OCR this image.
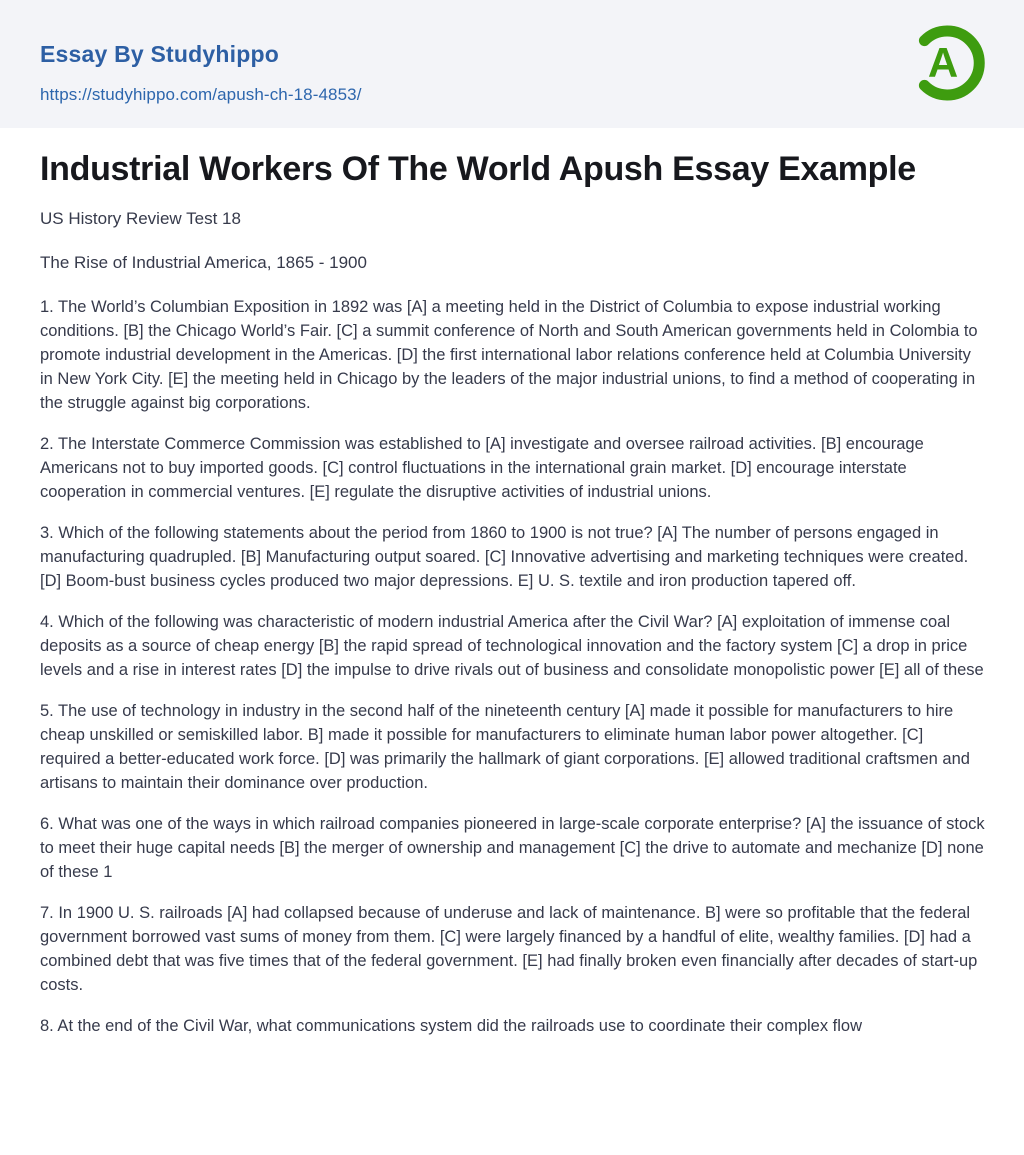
Essay By Studyhippo
https://studyhippo.com/apush-ch-18-4853/
A
Industrial Workers Of The World Apush Essay Example
US History Review Test 18
The Rise of Industrial America, 1865 - 1900

1. The World’s Columbian Exposition in 1892 was [A] a meeting held in the District of Columbia to expose industrial working conditions. [B] the Chicago World’s Fair. [C] a summit conference of North and South American governments held in Colombia to promote industrial development in the Americas. [D] the first international labor relations conference held at Columbia University in New York City. [E] the meeting held in Chicago by the leaders of the major industrial unions, to find a method of cooperating in the struggle against big corporations.

2. The Interstate Commerce Commission was established to [A] investigate and oversee railroad activities. [B] encourage Americans not to buy imported goods. [C] control fluctuations in the international grain market. [D] encourage interstate cooperation in commercial ventures. [E] regulate the disruptive activities of industrial unions.

3. Which of the following statements about the period from 1860 to 1900 is not true? [A] The number of persons engaged in manufacturing quadrupled. [B] Manufacturing output soared. [C] Innovative advertising and marketing techniques were created. [D] Boom-bust business cycles produced two major depressions. E] U. S. textile and iron production tapered off.

4. Which of the following was characteristic of modern industrial America after the Civil War? [A] exploitation of immense coal deposits as a source of cheap energy [B] the rapid spread of technological innovation and the factory system [C] a drop in price levels and a rise in interest rates [D] the impulse to drive rivals out of business and consolidate monopolistic power [E] all of these

5. The use of technology in industry in the second half of the nineteenth century [A] made it possible for manufacturers to hire cheap unskilled or semiskilled labor. B] made it possible for manufacturers to eliminate human labor power altogether. [C] required a better-educated work force. [D] was primarily the hallmark of giant corporations. [E] allowed traditional craftsmen and artisans to maintain their dominance over production.

6. What was one of the ways in which railroad companies pioneered in large-scale corporate enterprise? [A] the issuance of stock to meet their huge capital needs [B] the merger of ownership and management [C] the drive to automate and mechanize [D] none of these 1

7. In 1900 U. S. railroads [A] had collapsed because of underuse and lack of maintenance. B] were so profitable that the federal government borrowed vast sums of money from them. [C] were largely financed by a handful of elite, wealthy families. [D] had a combined debt that was five times that of the federal government. [E] had finally broken even financially after decades of start-up costs.

8. At the end of the Civil War, what communications system did the railroads use to coordinate their complex flow
